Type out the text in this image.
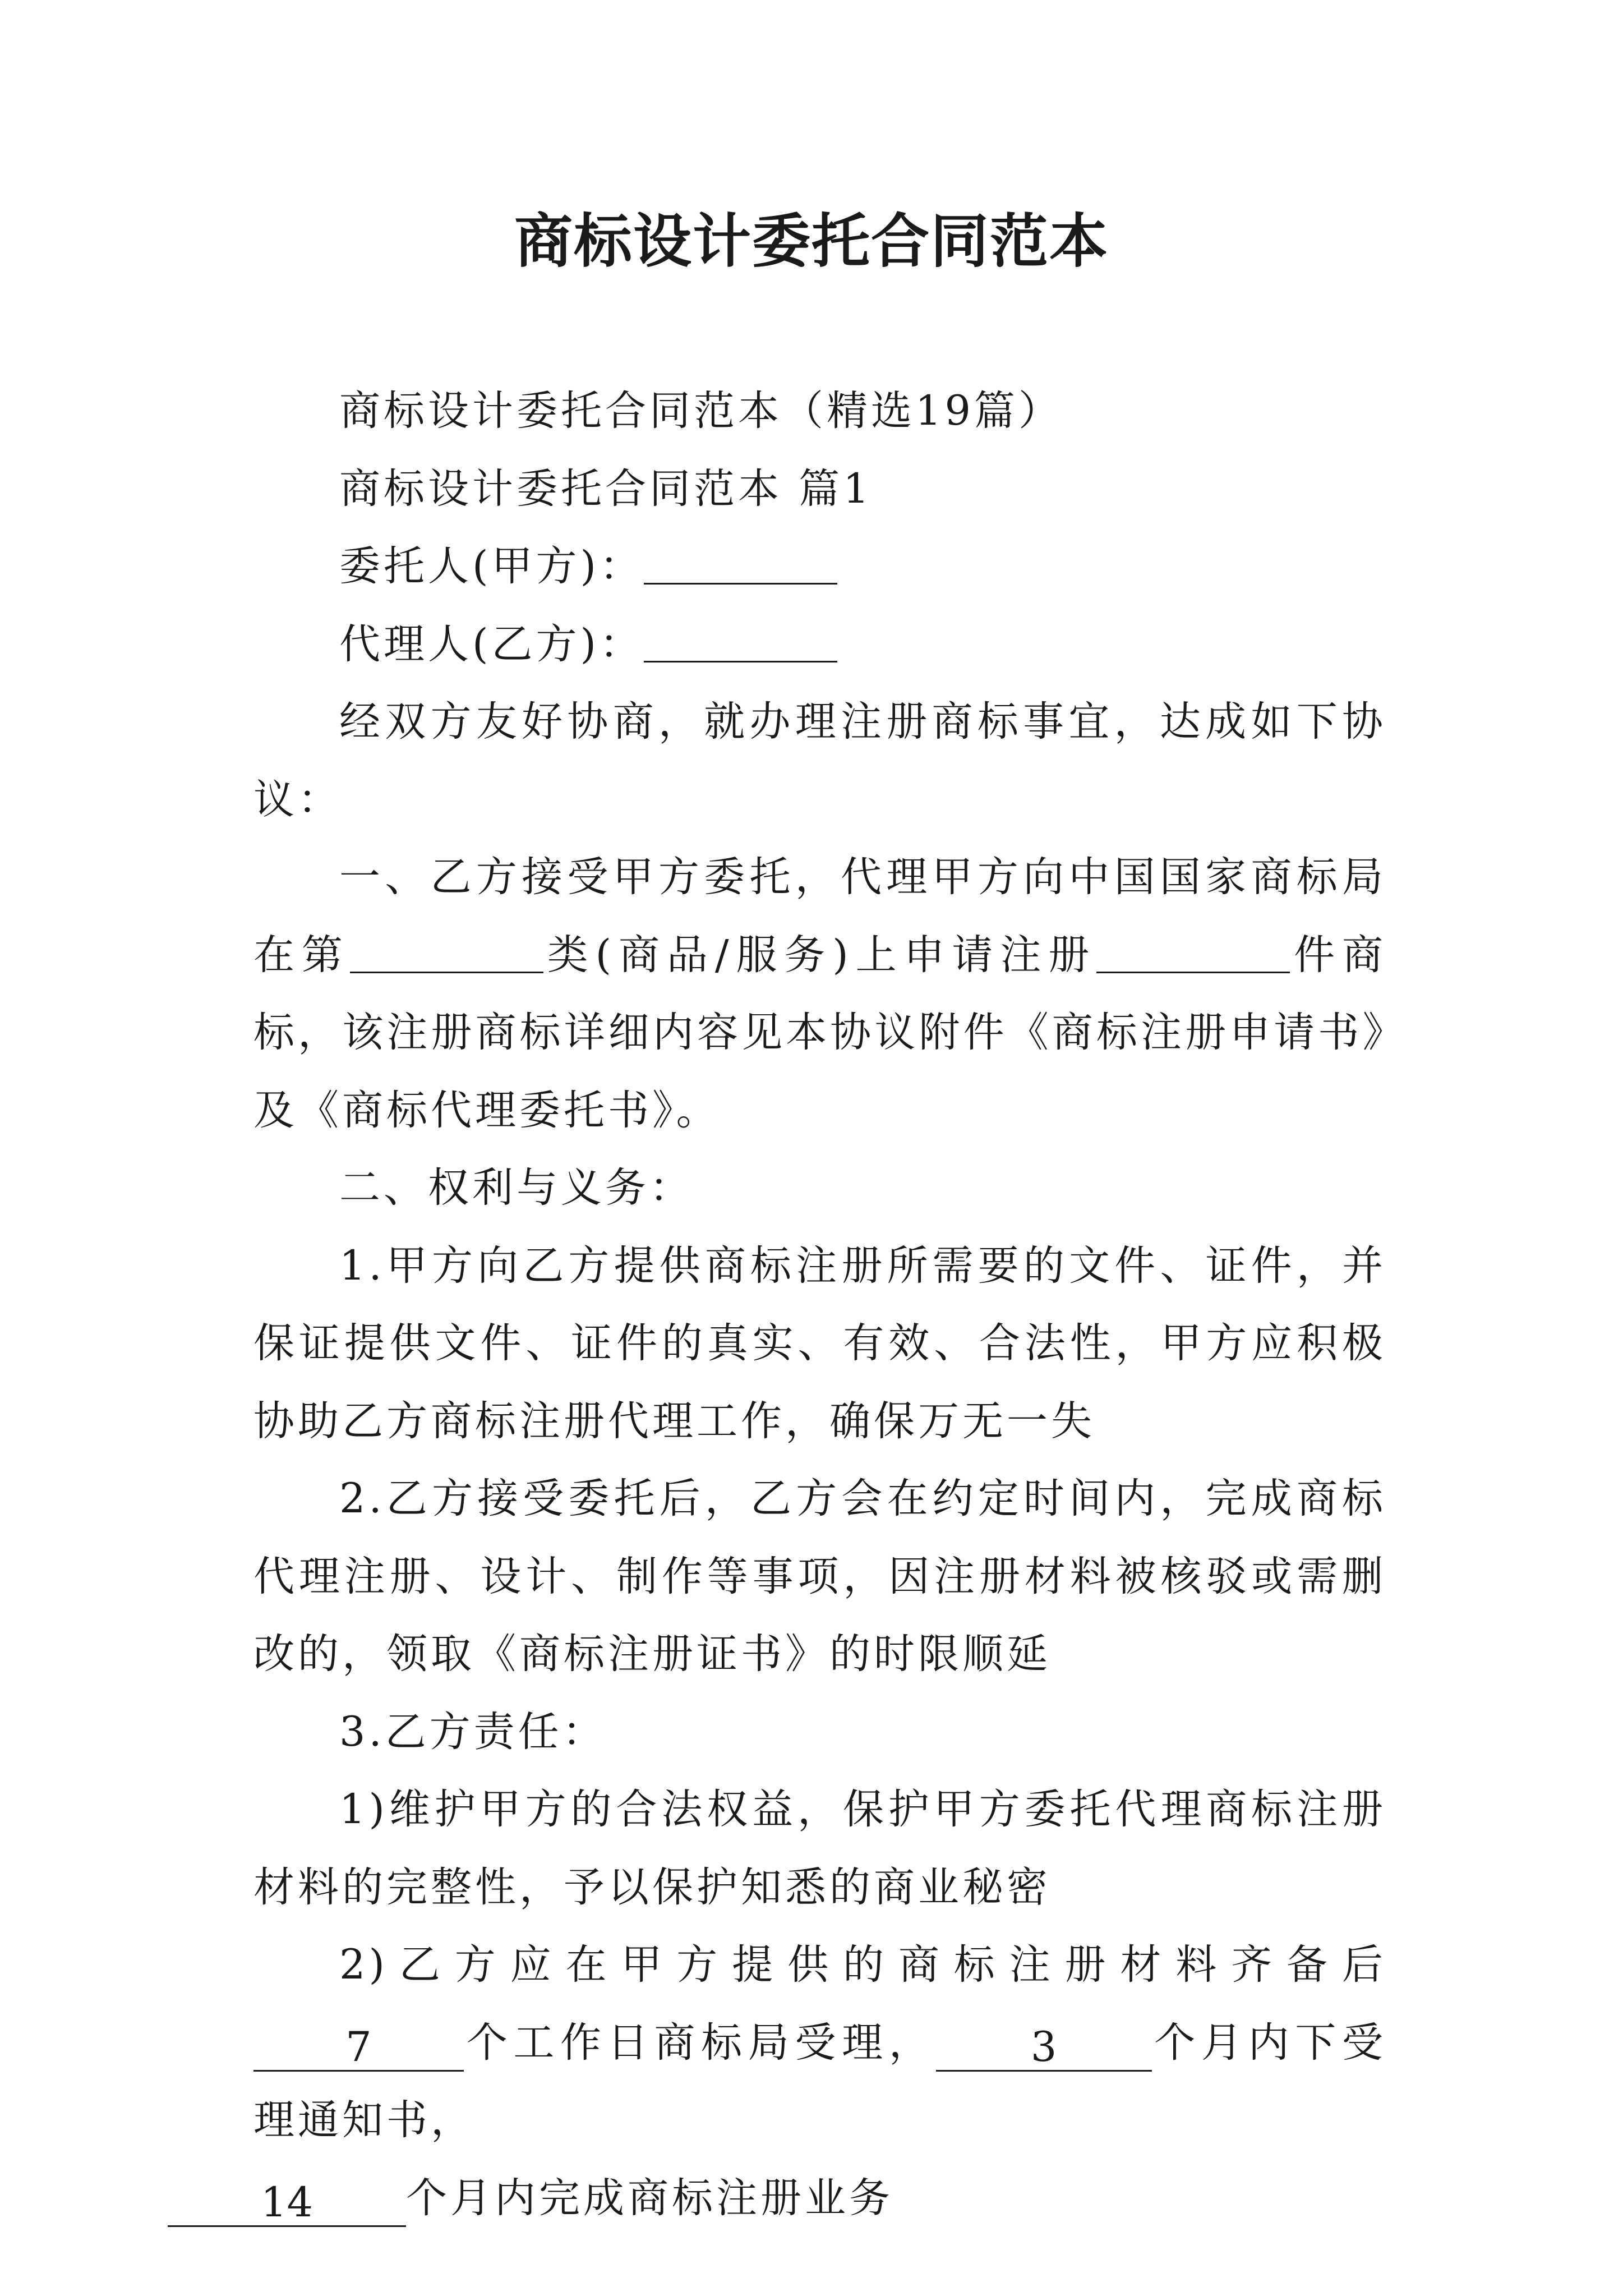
商标设计委托合同范本

商标设计委托合同范本（精选19篇）

商标设计委托合同范本 篇1

委托人(甲方)：

代理人(乙方)：

经双方友好协商，就办理注册商标事宜，达成如下协议：

一、乙方接受甲方委托，代理甲方向中国国家商标局在第	类(商品/服务)上申请注册	件商标，该注册商标详细内容见本协议附件《商标注册申请书》及《商标代理委托书》。

二、权利与义务：

1.甲方向乙方提供商标注册所需要的文件、证件，并保证提供文件、证件的真实、有效、合法性，甲方应积极协助乙方商标注册代理工作，确保万无一失

2.乙方接受委托后，乙方会在约定时间内，完成商标代理注册、设计、制作等事项，因注册材料被核驳或需删改的，领取《商标注册证书》的时限顺延

3.乙方责任：

1)维护甲方的合法权益，保护甲方委托代理商标注册材料的完整性，予以保护知悉的商业秘密

2)乙方应在甲方提供的商标注册材料齐备后7 个工作日商标局受理， 3 个月内下受理通知书，
14 个月内完成商标注册业务
